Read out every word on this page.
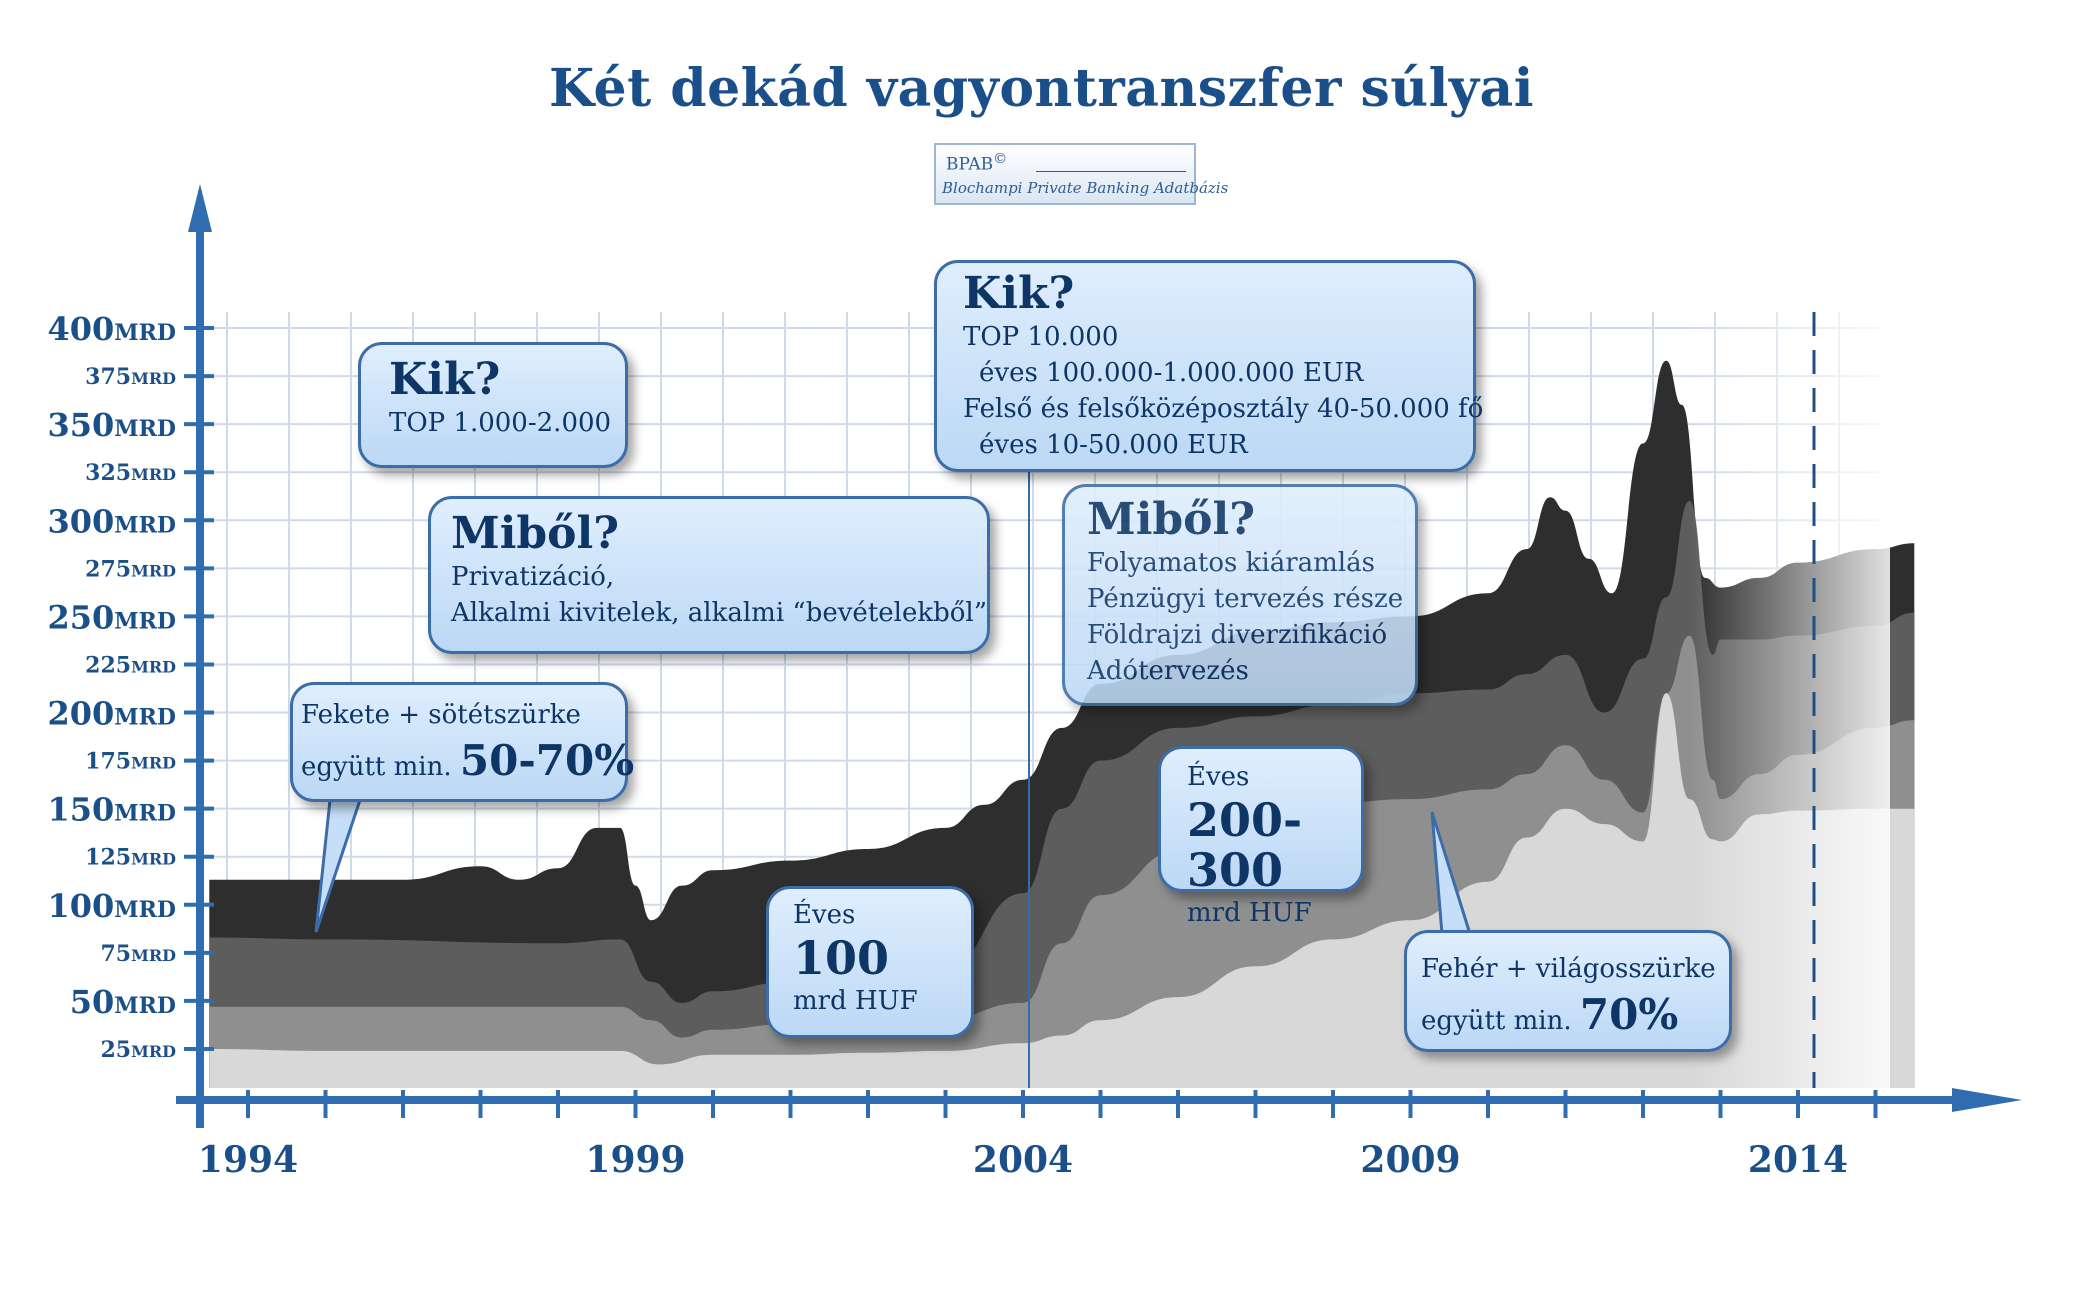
25MRD
50MRD
75MRD
100MRD
125MRD
150MRD
175MRD
200MRD
225MRD
250MRD
275MRD
300MRD
325MRD
350MRD
375MRD
400MRD
1994	1999	2004	2009	2014
Két dekád vagyontranszfer súlyai
BPAB©
Blochampi Private Banking Adatbázis
Kik?
TOP 1.000-2.000
Miből?
Privatizáció,
Alkalmi kivitelek, alkalmi “bevételekből”
Fekete + sötétszürke
együtt min. 50-70%
Éves
100
mrd HUF
Kik?
TOP 10.000
éves 100.000-1.000.000 EUR
Felső és felsőközéposztály 40-50.000 fő
éves 10-50.000 EUR
Miből?
Folyamatos kiáramlás
Pénzügyi tervezés része
Földrajzi diverzifikáció
Adótervezés
Éves
200-300
mrd HUF
Fehér + világosszürke
együtt min. 70%
